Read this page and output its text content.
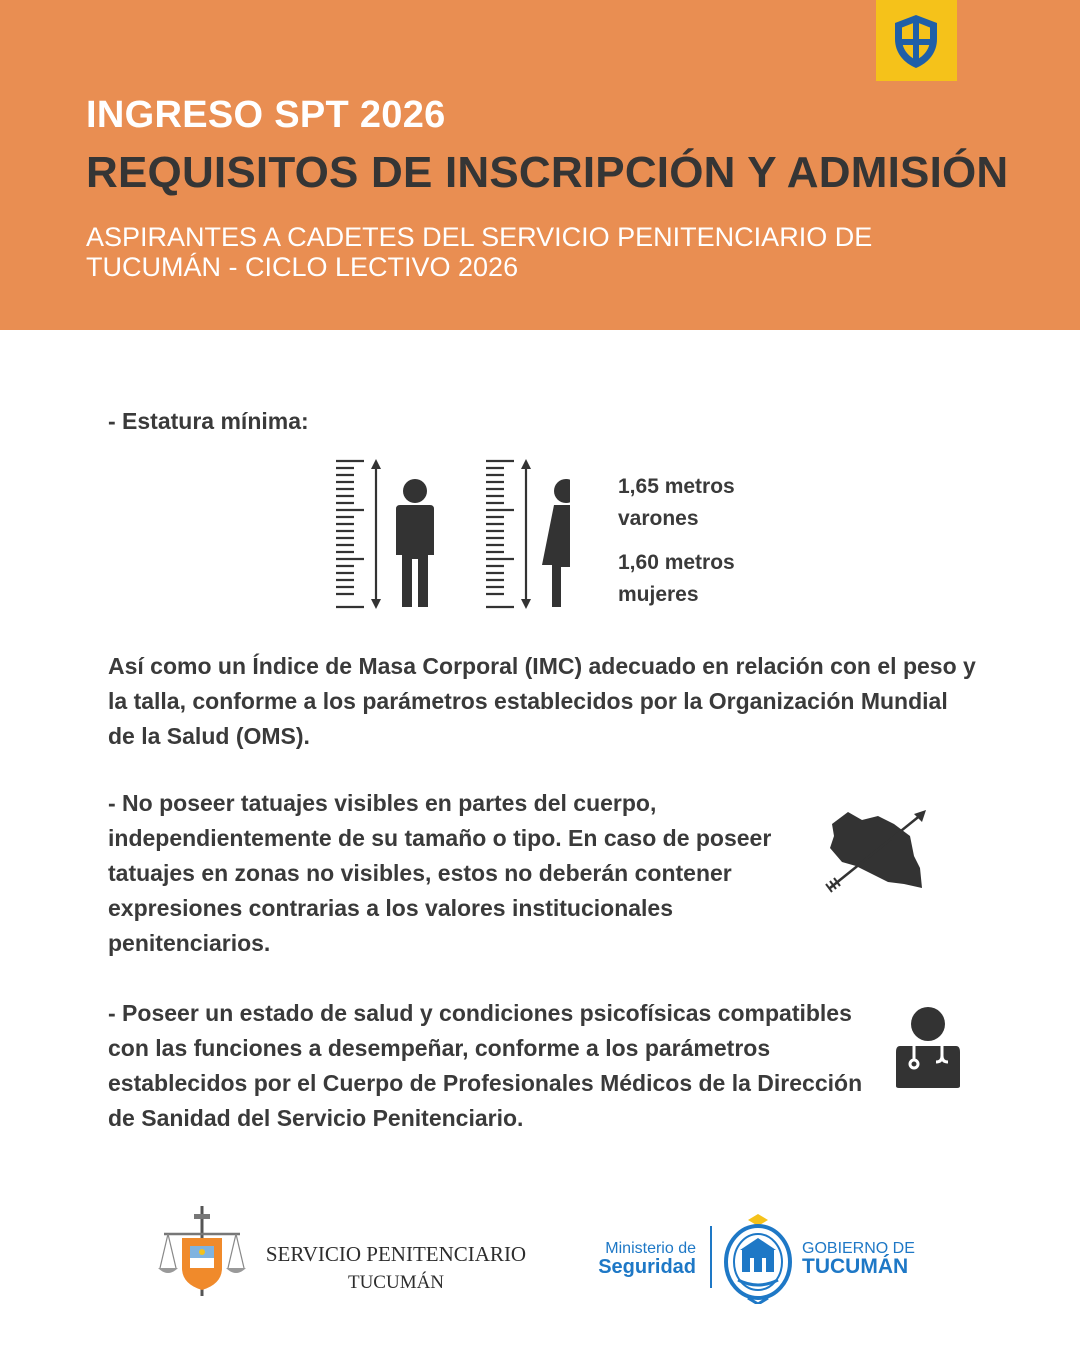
INGRESO SPT 2026

REQUISITOS DE INSCRIPCIÓN Y ADMISIÓN

ASPIRANTES A CADETES DEL SERVICIO PENITENCIARIO DE TUCUMÁN - CICLO LECTIVO 2026

- Estatura mínima:

1,65 metros

varones

1,60 metros

mujeres

Así como un Índice de Masa Corporal (IMC) adecuado en relación con el peso y la talla, conforme a los parámetros establecidos por la Organización Mundial de la Salud (OMS).

- No poseer tatuajes visibles en partes del cuerpo, independientemente de su tamaño o tipo. En caso de poseer tatuajes en zonas no visibles, estos no deberán contener expresiones contrarias a los valores institucionales penitenciarios.

- Poseer un estado de salud y condiciones psicofísicas compatibles con las funciones a desempeñar, conforme a los parámetros establecidos por el Cuerpo de Profesionales Médicos de la Dirección de Sanidad del Servicio Penitenciario.

SERVICIO PENITENCIARIO
TUCUMÁN
Ministerio de
Seguridad
GOBIERNO DE
TUCUMÁN
